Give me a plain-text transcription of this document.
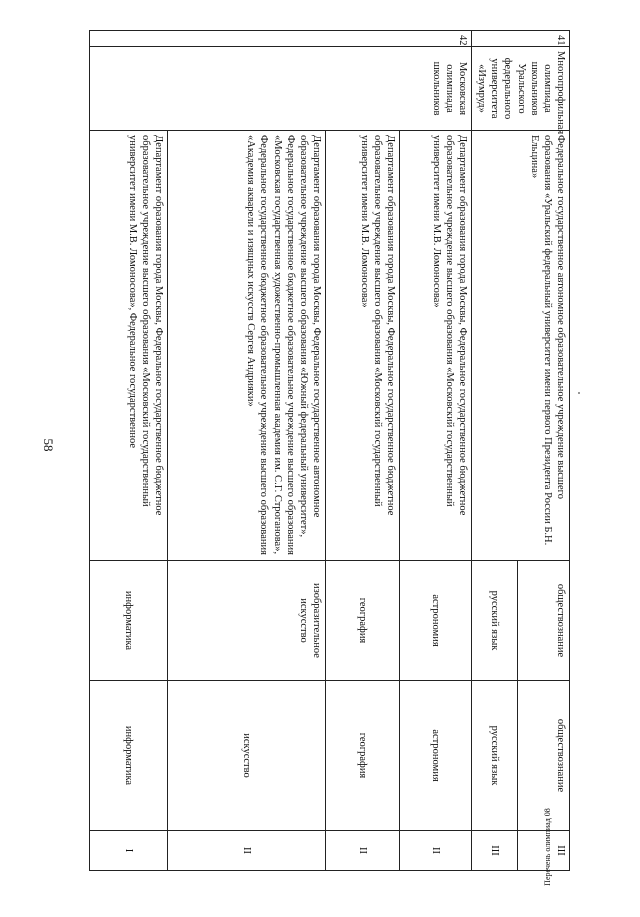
58
Перечень олимпиад 08
41	Многопрофильная олимпиада школьников Уральского федерального университета «Изумруд»	Федеральное государственное автономное образовательное учреждение высшего образования «Уральский федеральный университет имени первого Президента России Б.Н. Ельцина»	обществознание	обществознание	III
			русский язык	русский язык	III
42	Московская олимпиада школьников	Департамент образования города Москвы, Федеральное государственное бюджетное образовательное учреждение высшего образования «Московский государственный университет имени М.В. Ломоносова»	астрономия	астрономия	II
		Департамент образования города Москвы, Федеральное государственное бюджетное образовательное учреждение высшего образования «Московский государственный университет имени М.В. Ломоносова»	география	география	II
		Департамент образования города Москвы, Федеральное государственное автономное образовательное учреждение высшего образования «Южный федеральный университет», Федеральное государственное бюджетное образовательное учреждение высшего образования «Московская государственная художественно-промышленная академия им. С.Г. Строганова», Федеральное государственное бюджетное образовательное учреждение высшего образования «Академия акварели и изящных искусств Сергея Андрияки»	изобразительное искусство	искусство	II
		Департамент образования города Москвы, Федеральное государственное бюджетное образовательное учреждение высшего образования «Московский государственный университет имени М.В. Ломоносова», Федеральное государственное	информатика	информатика	I
